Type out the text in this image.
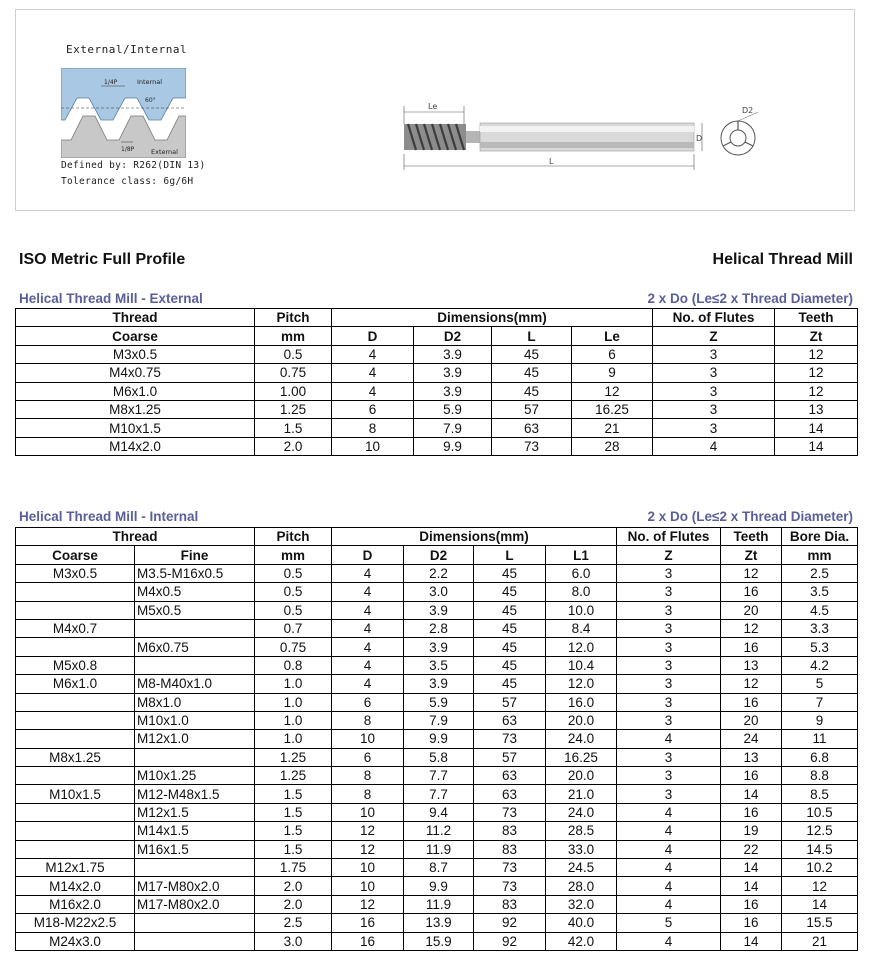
External/Internal
1/4P	Internal
60°
1/8P	External
Defined by: R262(DIN 13)
Tolerance class: 6g/6H
Le
D
L
D2
ISO Metric Full Profile	Helical Thread Mill
Helical Thread Mill - External	2 x Do (Le≤2 x Thread Diameter)
Thread	Pitch	Dimensions(mm)				No. of Flutes	Teeth
Coarse	mm	D	D2	L	Le	Z	Zt
M3x0.5	0.5	4	3.9	45	6	3	12
M4x0.75	0.75	4	3.9	45	9	3	12
M6x1.0	1.00	4	3.9	45	12	3	12
M8x1.25	1.25	6	5.9	57	16.25	3	13
M10x1.5	1.5	8	7.9	63	21	3	14
M14x2.0	2.0	10	9.9	73	28	4	14
Helical Thread Mill - Internal	2 x Do (Le≤2 x Thread Diameter)
Thread		Pitch	Dimensions(mm)				No. of Flutes	Teeth	Bore Dia.
Coarse	Fine	mm	D	D2	L	L1	Z	Zt	mm
M3x0.5	M3.5-M16x0.5	0.5	4	2.2	45	6.0	3	12	2.5
	M4x0.5	0.5	4	3.0	45	8.0	3	16	3.5
	M5x0.5	0.5	4	3.9	45	10.0	3	20	4.5
M4x0.7		0.7	4	2.8	45	8.4	3	12	3.3
	M6x0.75	0.75	4	3.9	45	12.0	3	16	5.3
M5x0.8		0.8	4	3.5	45	10.4	3	13	4.2
M6x1.0	M8-M40x1.0	1.0	4	3.9	45	12.0	3	12	5
	M8x1.0	1.0	6	5.9	57	16.0	3	16	7
	M10x1.0	1.0	8	7.9	63	20.0	3	20	9
	M12x1.0	1.0	10	9.9	73	24.0	4	24	11
M8x1.25		1.25	6	5.8	57	16.25	3	13	6.8
	M10x1.25	1.25	8	7.7	63	20.0	3	16	8.8
M10x1.5	M12-M48x1.5	1.5	8	7.7	63	21.0	3	14	8.5
	M12x1.5	1.5	10	9.4	73	24.0	4	16	10.5
	M14x1.5	1.5	12	11.2	83	28.5	4	19	12.5
	M16x1.5	1.5	12	11.9	83	33.0	4	22	14.5
M12x1.75		1.75	10	8.7	73	24.5	4	14	10.2
M14x2.0	M17-M80x2.0	2.0	10	9.9	73	28.0	4	14	12
M16x2.0	M17-M80x2.0	2.0	12	11.9	83	32.0	4	16	14
M18-M22x2.5		2.5	16	13.9	92	40.0	5	16	15.5
M24x3.0		3.0	16	15.9	92	42.0	4	14	21
